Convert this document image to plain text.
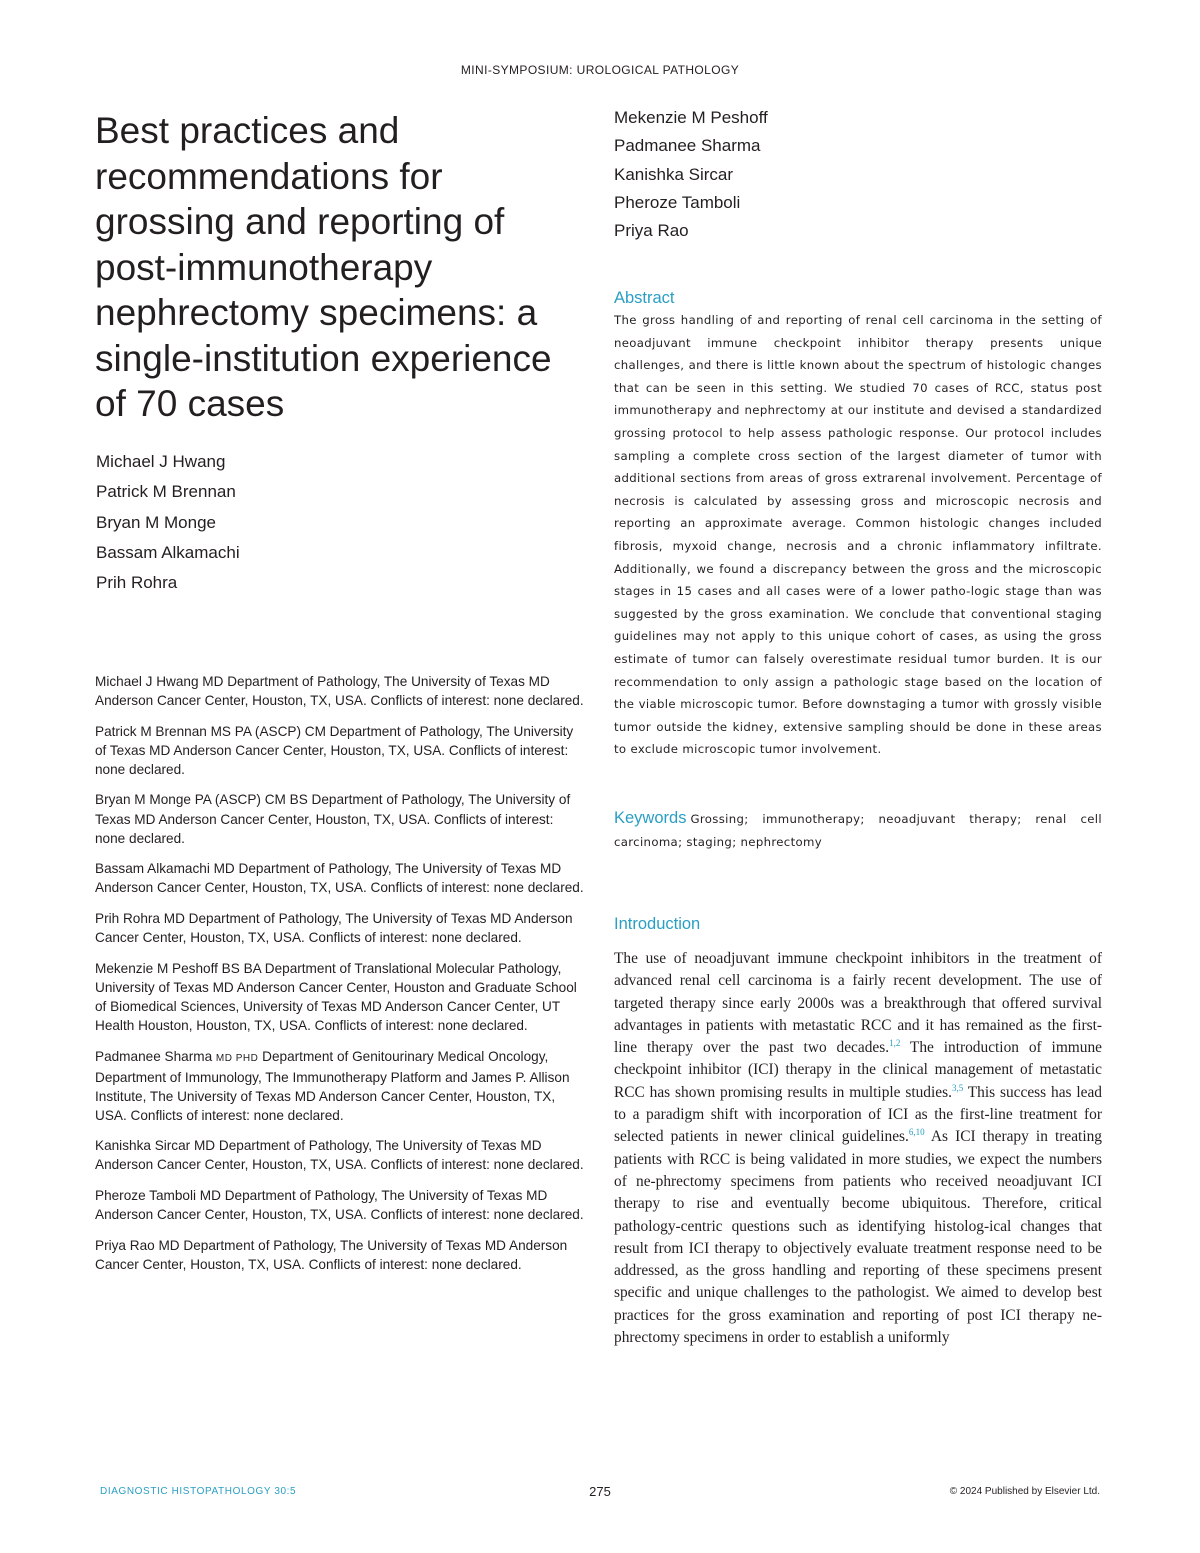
MINI-SYMPOSIUM: UROLOGICAL PATHOLOGY
Best practices and recommendations for grossing and reporting of post-immunotherapy nephrectomy specimens: a single-institution experience of 70 cases
Michael J Hwang
Patrick M Brennan
Bryan M Monge
Bassam Alkamachi
Prih Rohra
Mekenzie M Peshoff
Padmanee Sharma
Kanishka Sircar
Pheroze Tamboli
Priya Rao

Michael J Hwang MD Department of Pathology, The University of Texas MD Anderson Cancer Center, Houston, TX, USA. Conflicts of interest: none declared.

Patrick M Brennan MS PA (ASCP) CM Department of Pathology, The University of Texas MD Anderson Cancer Center, Houston, TX, USA. Conflicts of interest: none declared.

Bryan M Monge PA (ASCP) CM BS Department of Pathology, The University of Texas MD Anderson Cancer Center, Houston, TX, USA. Conflicts of interest: none declared.

Bassam Alkamachi MD Department of Pathology, The University of Texas MD Anderson Cancer Center, Houston, TX, USA. Conflicts of interest: none declared.

Prih Rohra MD Department of Pathology, The University of Texas MD Anderson Cancer Center, Houston, TX, USA. Conflicts of interest: none declared.

Mekenzie M Peshoff BS BA Department of Translational Molecular Pathology, University of Texas MD Anderson Cancer Center, Houston and Graduate School of Biomedical Sciences, University of Texas MD Anderson Cancer Center, UT Health Houston, Houston, TX, USA. Conflicts of interest: none declared.

Padmanee Sharma MD PHD Department of Genitourinary Medical Oncology, Department of Immunology, The Immunotherapy Platform and James P. Allison Institute, The University of Texas MD Anderson Cancer Center, Houston, TX, USA. Conflicts of interest: none declared.

Kanishka Sircar MD Department of Pathology, The University of Texas MD Anderson Cancer Center, Houston, TX, USA. Conflicts of interest: none declared.

Pheroze Tamboli MD Department of Pathology, The University of Texas MD Anderson Cancer Center, Houston, TX, USA. Conflicts of interest: none declared.

Priya Rao MD Department of Pathology, The University of Texas MD Anderson Cancer Center, Houston, TX, USA. Conflicts of interest: none declared.

Abstract

The gross handling of and reporting of renal cell carcinoma in the setting of neoadjuvant immune checkpoint inhibitor therapy presents unique challenges, and there is little known about the spectrum of histologic changes that can be seen in this setting. We studied 70 cases of RCC, status post immunotherapy and nephrectomy at our institute and devised a standardized grossing protocol to help assess pathologic response. Our protocol includes sampling a complete cross section of the largest diameter of tumor with additional sections from areas of gross extrarenal involvement. Percentage of necrosis is calculated by assessing gross and microscopic necrosis and reporting an approximate average. Common histologic changes included fibrosis, myxoid change, necrosis and a chronic inflammatory infiltrate. Additionally, we found a discrepancy between the gross and the microscopic stages in 15 cases and all cases were of a lower patho-logic stage than was suggested by the gross examination. We conclude that conventional staging guidelines may not apply to this unique cohort of cases, as using the gross estimate of tumor can falsely overestimate residual tumor burden. It is our recommendation to only assign a pathologic stage based on the location of the viable microscopic tumor. Before downstaging a tumor with grossly visible tumor outside the kidney, extensive sampling should be done in these areas to exclude microscopic tumor involvement.

Keywords Grossing; immunotherapy; neoadjuvant therapy; renal cell carcinoma; staging; nephrectomy

Introduction

The use of neoadjuvant immune checkpoint inhibitors in the treatment of advanced renal cell carcinoma is a fairly recent development. The use of targeted therapy since early 2000s was a breakthrough that offered survival advantages in patients with metastatic RCC and it has remained as the first-line therapy over the past two decades.$^{1,2}$ The introduction of immune checkpoint inhibitor (ICI) therapy in the clinical management of metastatic RCC has shown promising results in multiple studies.$^{3,5}$ This success has lead to a paradigm shift with incorporation of ICI as the first-line treatment for selected patients in newer clinical guidelines.$^{6,10}$ As ICI therapy in treating patients with RCC is being validated in more studies, we expect the numbers of ne-phrectomy specimens from patients who received neoadjuvant ICI therapy to rise and eventually become ubiquitous. Therefore, critical pathology-centric questions such as identifying histolog-ical changes that result from ICI therapy to objectively evaluate treatment response need to be addressed, as the gross handling and reporting of these specimens present specific and unique challenges to the pathologist. We aimed to develop best practices for the gross examination and reporting of post ICI therapy ne-phrectomy specimens in order to establish a uniformly

DIAGNOSTIC HISTOPATHOLOGY 30:5	275	© 2024 Published by Elsevier Ltd.
